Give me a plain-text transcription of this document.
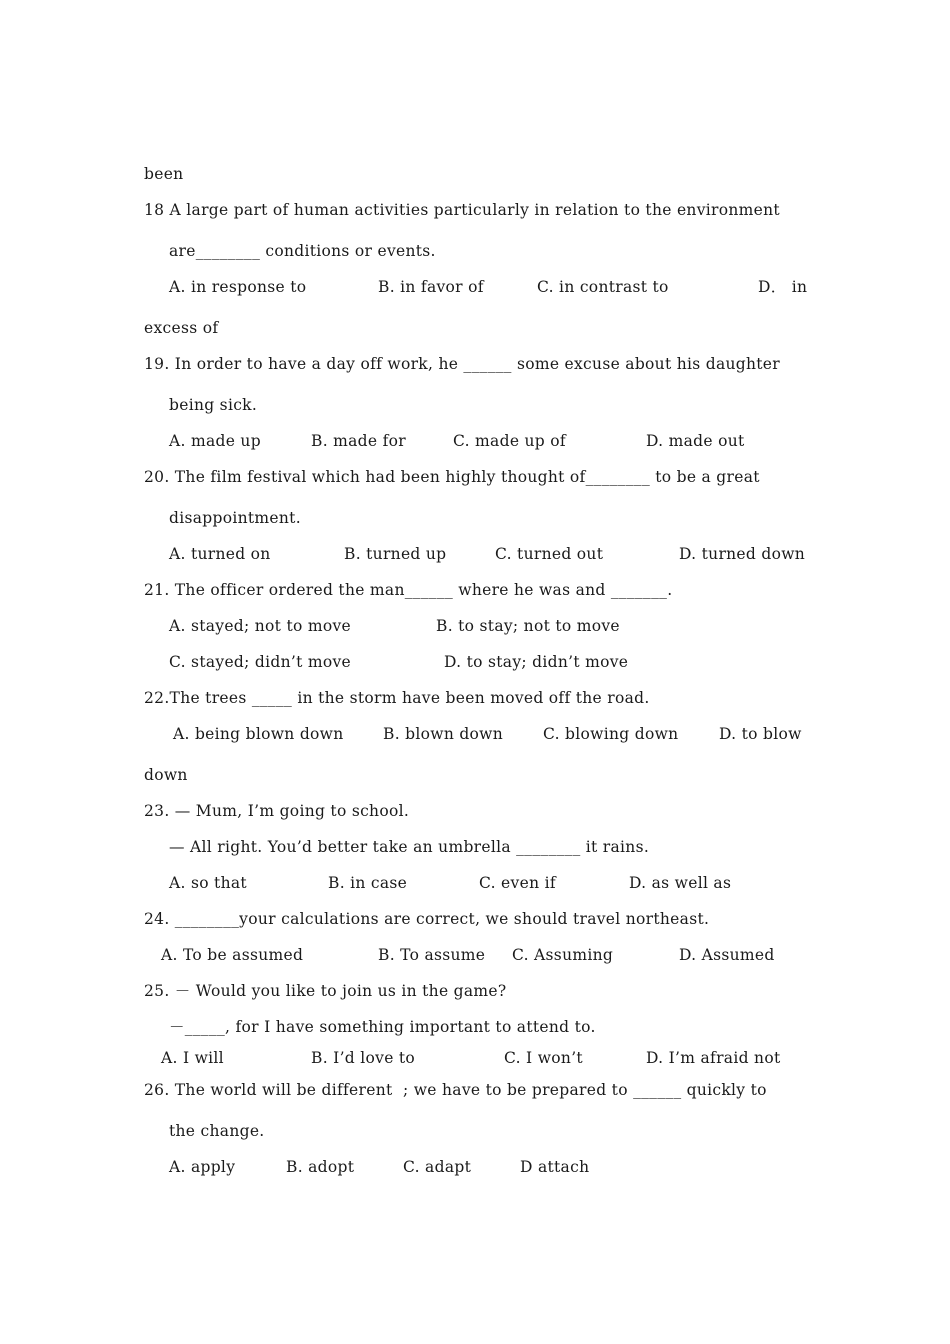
been
18 A large part of human activities particularly in relation to the environment
are________ conditions or events.
A. in response to	B. in favor of	C. in contrast to	D． in
excess of
19. In order to have a day off work, he ______ some excuse about his daughter
being sick.
A. made up	B. made for	C. made up of	D. made out
20. The film festival which had been highly thought of________ to be a great
disappointment.
A. turned on	B. turned up	C. turned out	D. turned down
21. The officer ordered the man______ where he was and _______.
A. stayed; not to move	B. to stay; not to move
C. stayed; didn’t move	D. to stay; didn’t move
22.The trees _____ in the storm have been moved off the road.
A. being blown down	B. blown down	C. blowing down	D. to blow
down
23. — Mum, I’m going to school.
— All right. You’d better take an umbrella ________ it rains.
A. so that	B. in case	C. even if	D. as well as
24. ________your calculations are correct, we should travel northeast.
A. To be assumed	B. To assume C. Assuming	D. Assumed
25. － Would you like to join us in the game?
－_____, for I have something important to attend to.
A. I will	B. I’d love to	C. I won’t	D. I’m afraid not
26. The world will be different  ; we have to be prepared to ______ quickly to
the change.
A. apply	B. adopt	C. adapt	D attach
